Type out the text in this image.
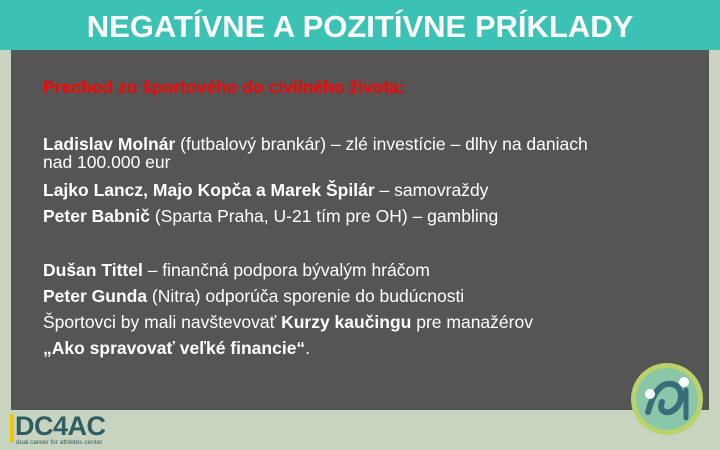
NEGATÍVNE A POZITÍVNE PRÍKLADY
Prechod zo športového do civilného života:
Ladislav Molnár (futbalový brankár) – zlé investície – dlhy na daniach
nad 100.000 eur
Lajko Lancz, Majo Kopča a Marek Špilár – samovraždy
Peter Babnič (Sparta Praha, U-21 tím pre OH) – gambling
Dušan Tittel – finančná podpora bývalým hráčom
Peter Gunda (Nitra) odporúča sporenie do budúcnosti
Športovci by mali navštevovať Kurzy kaučingu pre manažérov
„Ako spravovať veľké financie“.
DC4AC
dual career for athletes center
